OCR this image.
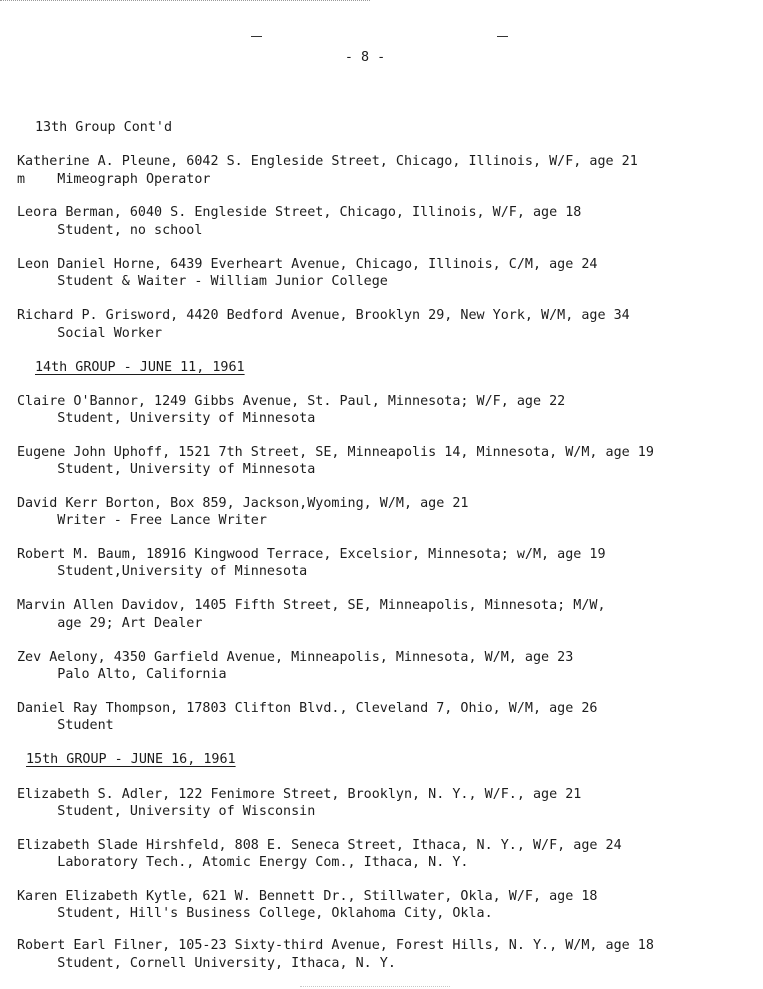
- 8 -
13th Group Cont'd
Katherine A. Pleune, 6042 S. Engleside Street, Chicago, Illinois, W/F, age 21
m    Mimeograph Operator
Leora Berman, 6040 S. Engleside Street, Chicago, Illinois, W/F, age 18
Student, no school
Leon Daniel Horne, 6439 Everheart Avenue, Chicago, Illinois, C/M, age 24
Student & Waiter - William Junior College
Richard P. Grisword, 4420 Bedford Avenue, Brooklyn 29, New York, W/M, age 34
Social Worker
14th GROUP - JUNE 11, 1961
Claire O'Bannor, 1249 Gibbs Avenue, St. Paul, Minnesota; W/F, age 22
Student, University of Minnesota
Eugene John Uphoff, 1521 7th Street, SE, Minneapolis 14, Minnesota, W/M, age 19
Student, University of Minnesota
David Kerr Borton, Box 859, Jackson,Wyoming, W/M, age 21
Writer - Free Lance Writer
Robert M. Baum, 18916 Kingwood Terrace, Excelsior, Minnesota; w/M, age 19
Student,University of Minnesota
Marvin Allen Davidov, 1405 Fifth Street, SE, Minneapolis, Minnesota; M/W,
age 29; Art Dealer
Zev Aelony, 4350 Garfield Avenue, Minneapolis, Minnesota, W/M, age 23
Palo Alto, California
Daniel Ray Thompson, 17803 Clifton Blvd., Cleveland 7, Ohio, W/M, age 26
Student
15th GROUP - JUNE 16, 1961
Elizabeth S. Adler, 122 Fenimore Street, Brooklyn, N. Y., W/F., age 21
Student, University of Wisconsin
Elizabeth Slade Hirshfeld, 808 E. Seneca Street, Ithaca, N. Y., W/F, age 24
Laboratory Tech., Atomic Energy Com., Ithaca, N. Y.
Karen Elizabeth Kytle, 621 W. Bennett Dr., Stillwater, Okla, W/F, age 18
Student, Hill's Business College, Oklahoma City, Okla.
Robert Earl Filner, 105-23 Sixty-third Avenue, Forest Hills, N. Y., W/M, age 18
Student, Cornell University, Ithaca, N. Y.
